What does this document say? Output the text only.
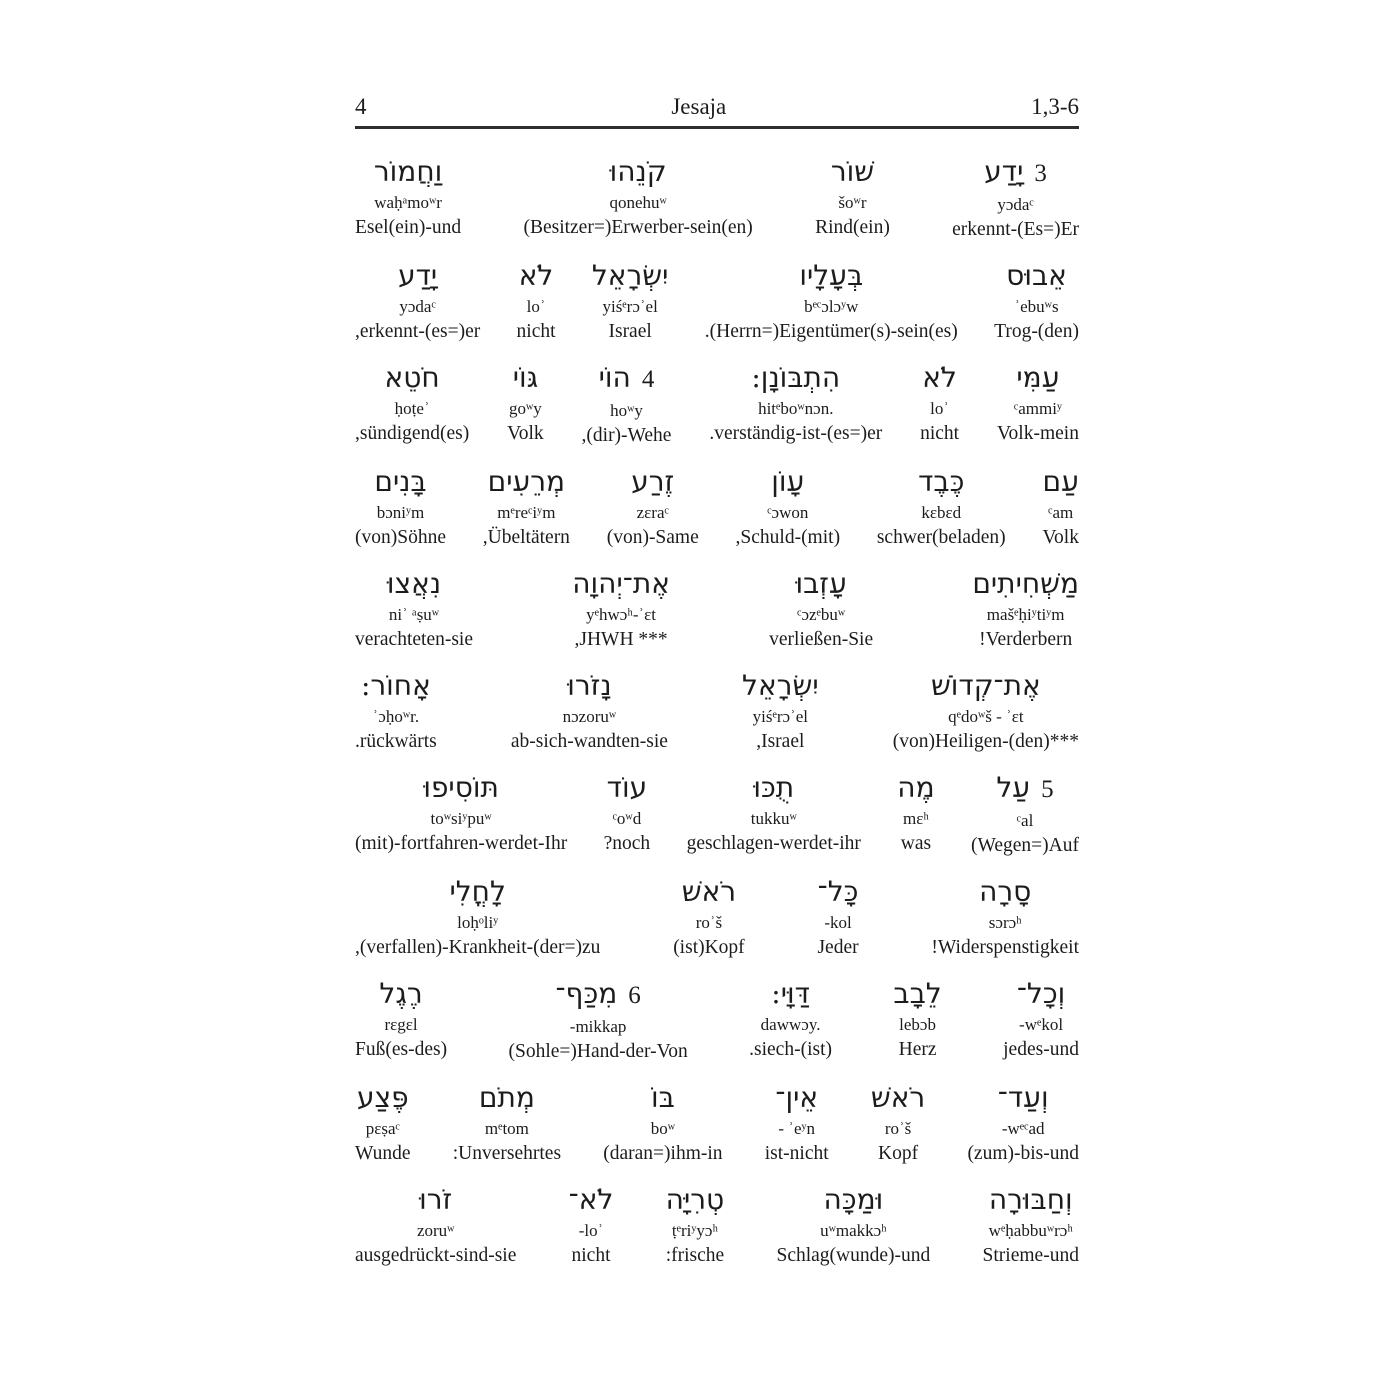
4	Jesaja	1,3-6
יָדַע 3
yɔdaᶜ
erkennt-(Es=)Er
שׁוֹר
šoʷr
Rind(ein)
קֹנֵהוּ
qonehuʷ
(Besitzer=)Erwerber-sein(en)
וַחֲמוֹר
waḥᵃmoʷr
Esel(ein)-und
אֵבוּס
ʾebuʷs
Trog-(den)
בְּעָלָיו
bᵉᶜɔlɔʸw
.(Herrn=)Eigentümer(s)-sein(es)
יִשְׂרָאֵל
yiśᵉrɔʾel
Israel
לֹא
loʾ
nicht
יָדַע
yɔdaᶜ
,erkennt-(es=)er
עַמִּי
ᶜammiʸ
Volk-mein
לֹא
loʾ
nicht
הִתְבּוֹנָן:
hitᵉboʷnɔn.
.verständig-ist-(es=)er
הוֹי 4
hoʷy
,(dir)-Wehe
גּוֹי
goʷy
Volk
חֹטֵא
ḥoṭeʾ
,sündigend(es)
עַם
ᶜam
Volk
כֶּבֶד
kεbεd
schwer(beladen)
עָוֹן
ᶜɔwon
,Schuld-(mit)
זֶרַע
zεraᶜ
(von)-Same
מְרֵעִים
mᵉreᶜiʸm
,Übeltätern
בָּנִים
bɔniʸm
(von)Söhne
מַשְׁחִיתִים
mašᵉḥiʸtiʸm
!Verderbern
עָזְבוּ
ᶜɔzᵉbuʷ
verließen-Sie
אֶת־יְהוָה
yᵉhwɔʰ-ʾεt
,JHWH ***
נִאֲצוּ
niʾ ᵃṣuʷ
verachteten-sie
אֶת־קְדוֹשׁ
qᵉdoʷš - ʾεt
(von)Heiligen-(den)***
יִשְׂרָאֵל
yiśᵉrɔʾel
,Israel
נָזֹרוּ
nɔzoruʷ
ab-sich-wandten-sie
אָחוֹר:
ʾɔḥoʷr.
.rückwärts
עַל 5
ᶜal
(Wegen=)Auf
מֶה
mεʰ
was
תֻכּוּ
tukkuʷ
geschlagen-werdet-ihr
עוֹד
ᶜoʷd
?noch
תּוֹסִיפוּ
toʷsiʸpuʷ
(mit)-fortfahren-werdet-Ihr
סָרָה
sɔrɔʰ
!Widerspenstigkeit
כָּל־
-kol
Jeder
רֹאשׁ
roʾš
(ist)Kopf
לָחֳלִי
loḥᵒliʸ
,(verfallen)-Krankheit-(der=)zu
וְכָל־
-wᵉkol
jedes-und
לֵבָב
lebɔb
Herz
דַּוָּי:
dawwɔy.
.siech-(ist)
מִכַּף־ 6
-mikkap
(Sohle=)Hand-der-Von
רֶגֶל
rεgεl
Fuß(es-des)
וְעַד־
-wᵉᶜad
(zum)-bis-und
רֹאשׁ
roʾš
Kopf
אֵין־
- ʾeʸn
ist-nicht
בּוֹ
boʷ
(daran=)ihm-in
מְתֹם
mᵉtom
:Unversehrtes
פֶּצַע
pεṣaᶜ
Wunde
וְחַבּוּרָה
wᵉḥabbuʷrɔʰ
Strieme-und
וּמַכָּה
uʷmakkɔʰ
Schlag(wunde)-und
טְרִיָּה
ṭᵉriʸyɔʰ
:frische
לֹא־
-loʾ
nicht
זֹרוּ
zoruʷ
ausgedrückt-sind-sie
